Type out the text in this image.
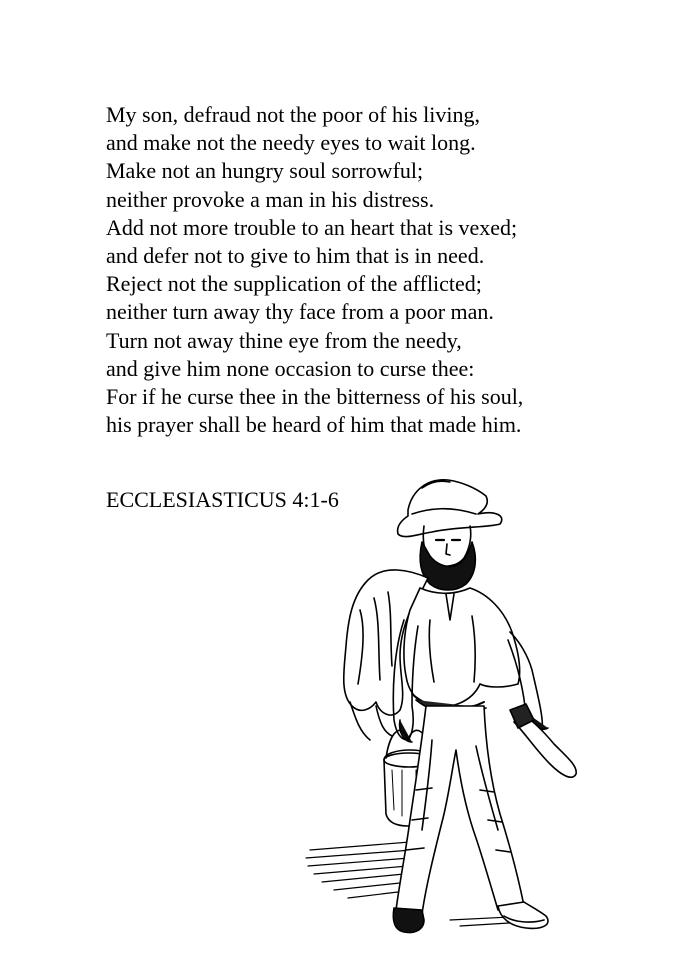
My son, defraud not the poor of his living,
and make not the needy eyes to wait long.
Make not an hungry soul sorrowful;
neither provoke a man in his distress.
Add not more trouble to an heart that is vexed;
and defer not to give to him that is in need.
Reject not the supplication of the afflicted;
neither turn away thy face from a poor man.
Turn not away thine eye from the needy,
and give him none occasion to curse thee:
For if he curse thee in the bitterness of his soul,
his prayer shall be heard of him that made him.
ECCLESIASTICUS 4:1-6
